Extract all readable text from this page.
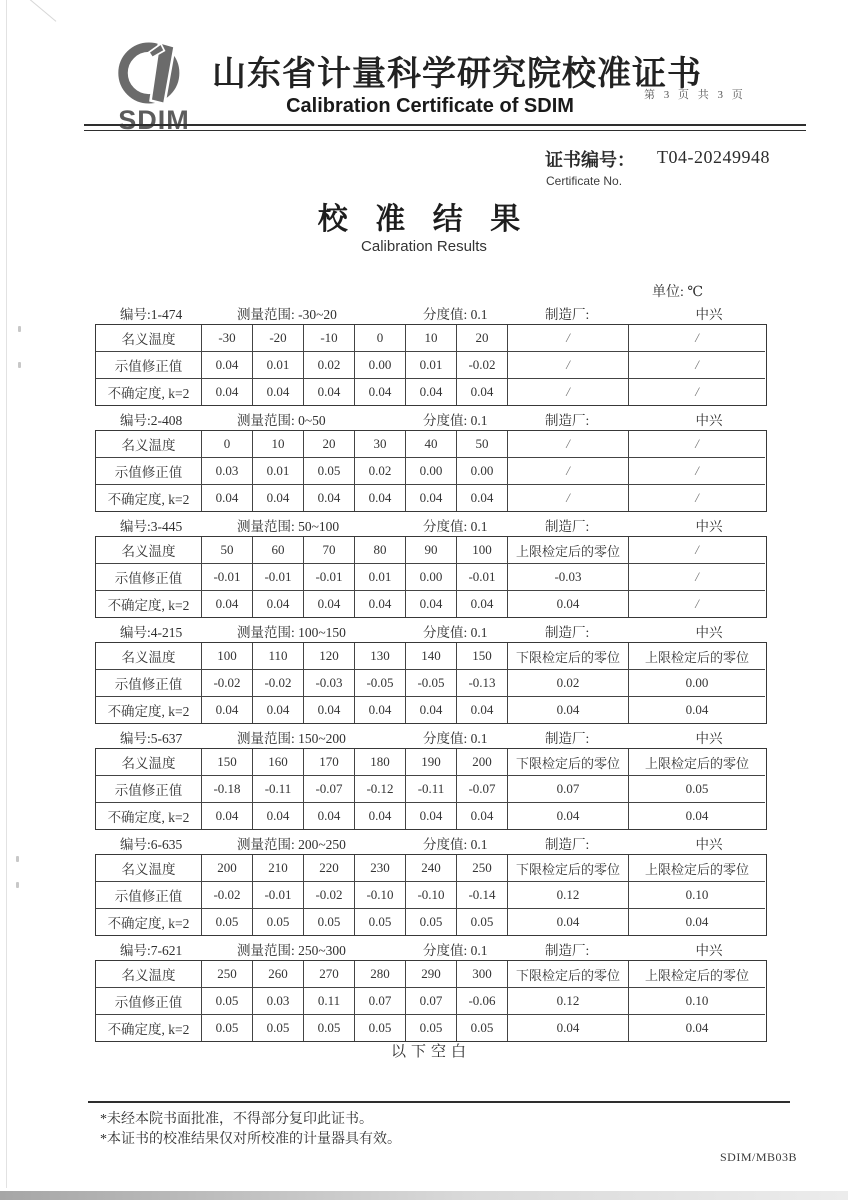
SDIM
山东省计量科学研究院校准证书
第 3 页 共 3 页
Calibration Certificate of SDIM
证书编号： T04-20249948
Certificate No.
校 准 结 果
Calibration Results
单位: ℃
编号:1-474	测量范围: -30~20	分度值: 0.1	制造厂:	中兴
名义温度	-30	-20	-10	0	10	20	/	/
示值修正值	0.04	0.01	0.02	0.00	0.01	-0.02	/	/
不确定度, k=2	0.04	0.04	0.04	0.04	0.04	0.04	/	/
编号:2-408	测量范围: 0~50	分度值: 0.1	制造厂:	中兴
名义温度	0	10	20	30	40	50	/	/
示值修正值	0.03	0.01	0.05	0.02	0.00	0.00	/	/
不确定度, k=2	0.04	0.04	0.04	0.04	0.04	0.04	/	/
编号:3-445	测量范围: 50~100	分度值: 0.1	制造厂:	中兴
名义温度	50	60	70	80	90	100	上限检定后的零位	/
示值修正值	-0.01	-0.01	-0.01	0.01	0.00	-0.01	-0.03	/
不确定度, k=2	0.04	0.04	0.04	0.04	0.04	0.04	0.04	/
编号:4-215	测量范围: 100~150	分度值: 0.1	制造厂:	中兴
名义温度	100	110	120	130	140	150	下限检定后的零位	上限检定后的零位
示值修正值	-0.02	-0.02	-0.03	-0.05	-0.05	-0.13	0.02	0.00
不确定度, k=2	0.04	0.04	0.04	0.04	0.04	0.04	0.04	0.04
编号:5-637	测量范围: 150~200	分度值: 0.1	制造厂:	中兴
名义温度	150	160	170	180	190	200	下限检定后的零位	上限检定后的零位
示值修正值	-0.18	-0.11	-0.07	-0.12	-0.11	-0.07	0.07	0.05
不确定度, k=2	0.04	0.04	0.04	0.04	0.04	0.04	0.04	0.04
编号:6-635	测量范围: 200~250	分度值: 0.1	制造厂:	中兴
名义温度	200	210	220	230	240	250	下限检定后的零位	上限检定后的零位
示值修正值	-0.02	-0.01	-0.02	-0.10	-0.10	-0.14	0.12	0.10
不确定度, k=2	0.05	0.05	0.05	0.05	0.05	0.05	0.04	0.04
编号:7-621	测量范围: 250~300	分度值: 0.1	制造厂:	中兴
名义温度	250	260	270	280	290	300	下限检定后的零位	上限检定后的零位
示值修正值	0.05	0.03	0.11	0.07	0.07	-0.06	0.12	0.10
不确定度, k=2	0.05	0.05	0.05	0.05	0.05	0.05	0.04	0.04
以下空白
*未经本院书面批准，不得部分复印此证书。
*本证书的校准结果仅对所校准的计量器具有效。
SDIM/MB03B
